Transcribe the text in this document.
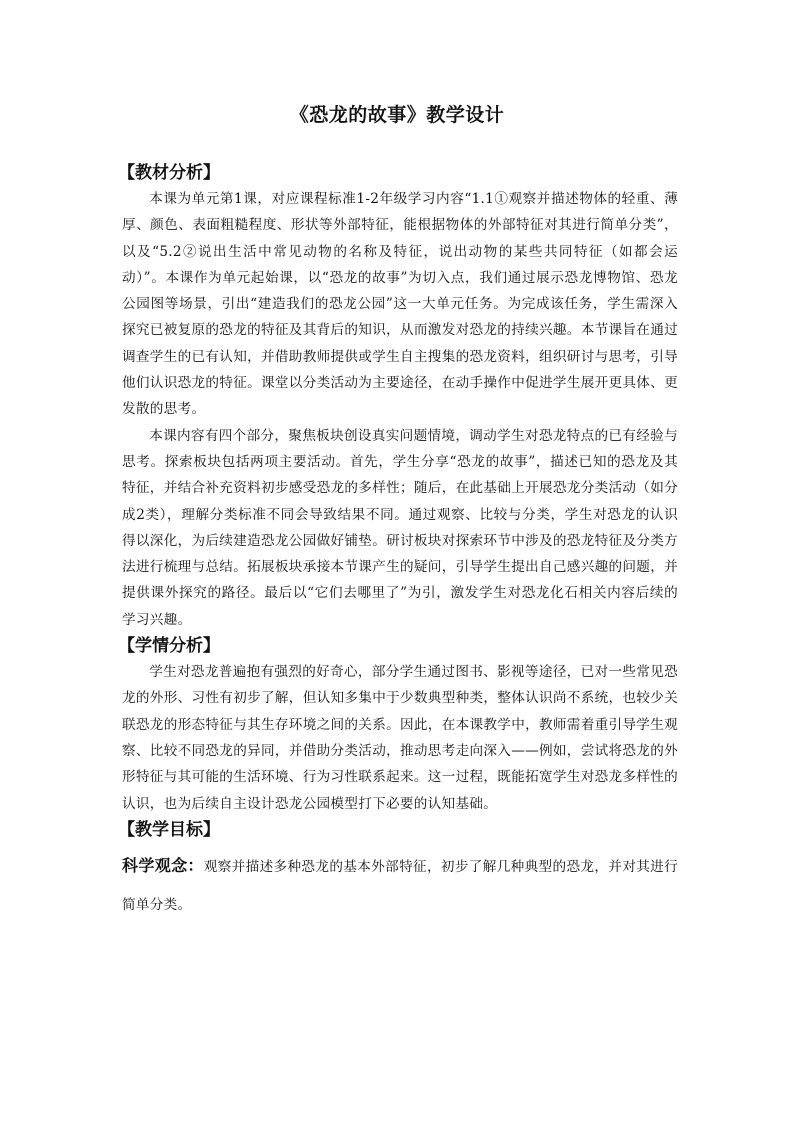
《恐龙的故事》教学设计
【教材分析】

本课为单元第1课，对应课程标准1-2年级学习内容“1.1①观察并描述物体的轻重、薄厚、颜色、表面粗糙程度、形状等外部特征，能根据物体的外部特征对其进行简单分类”，以及“5.2②说出生活中常见动物的名称及特征，说出动物的某些共同特征（如都会运动）”。本课作为单元起始课，以“恐龙的故事”为切入点，我们通过展示恐龙博物馆、恐龙公园图等场景，引出“建造我们的恐龙公园”这一大单元任务。为完成该任务，学生需深入探究已被复原的恐龙的特征及其背后的知识，从而激发对恐龙的持续兴趣。本节课旨在通过调查学生的已有认知，并借助教师提供或学生自主搜集的恐龙资料，组织研讨与思考，引导他们认识恐龙的特征。课堂以分类活动为主要途径，在动手操作中促进学生展开更具体、更发散的思考。

本课内容有四个部分，聚焦板块创设真实问题情境，调动学生对恐龙特点的已有经验与思考。探索板块包括两项主要活动。首先，学生分享“恐龙的故事”，描述已知的恐龙及其特征，并结合补充资料初步感受恐龙的多样性；随后，在此基础上开展恐龙分类活动（如分成2类），理解分类标准不同会导致结果不同。通过观察、比较与分类，学生对恐龙的认识得以深化，为后续建造恐龙公园做好铺垫。研讨板块对探索环节中涉及的恐龙特征及分类方法进行梳理与总结。拓展板块承接本节课产生的疑问，引导学生提出自己感兴趣的问题，并提供课外探究的路径。最后以“它们去哪里了”为引，激发学生对恐龙化石相关内容后续的学习兴趣。

【学情分析】

学生对恐龙普遍抱有强烈的好奇心，部分学生通过图书、影视等途径，已对一些常见恐龙的外形、习性有初步了解，但认知多集中于少数典型种类，整体认识尚不系统，也较少关联恐龙的形态特征与其生存环境之间的关系。因此，在本课教学中，教师需着重引导学生观察、比较不同恐龙的异同，并借助分类活动，推动思考走向深入——例如，尝试将恐龙的外形特征与其可能的生活环境、行为习性联系起来。这一过程，既能拓宽学生对恐龙多样性的认识，也为后续自主设计恐龙公园模型打下必要的认知基础。

【教学目标】
科学观念：观察并描述多种恐龙的基本外部特征，初步了解几种典型的恐龙，并对其进行简单分类。
